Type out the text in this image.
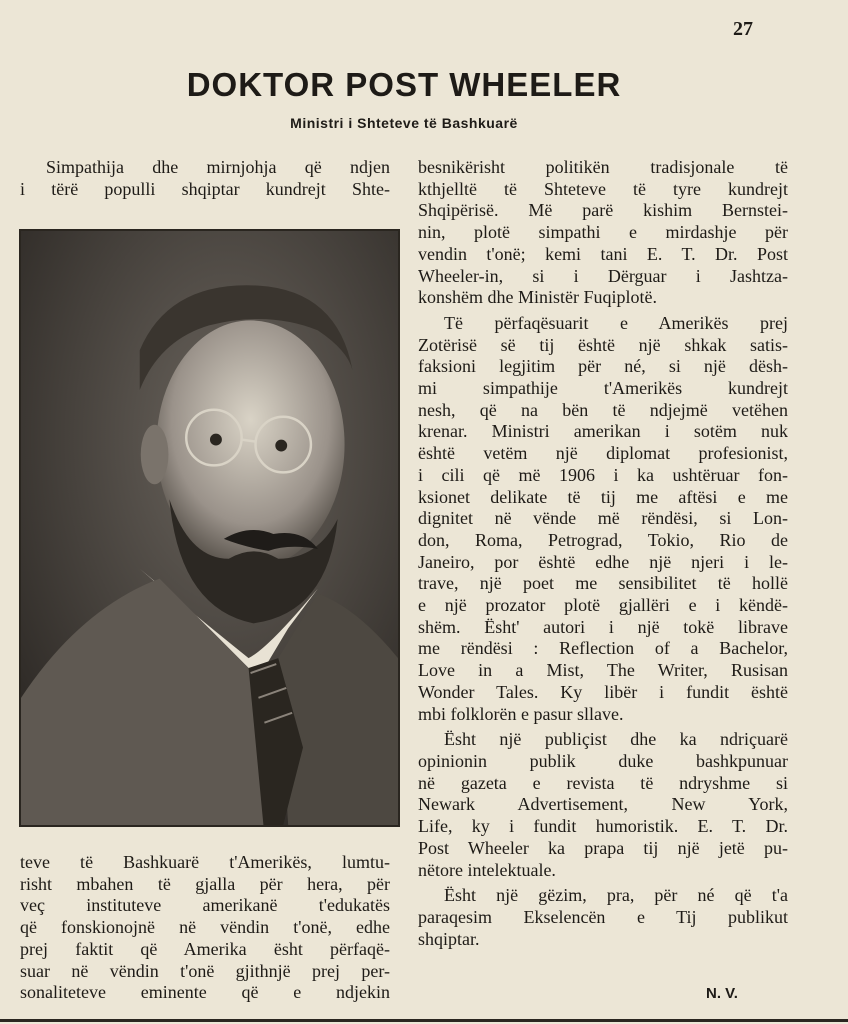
27
DOKTOR POST WHEELER
Ministri i Shteteve të Bashkuarë

Simpathija dhe mirnjohja që ndjen
i tërë populli shqiptar kundrejt Shte-

teve të Bashkuarë t'Amerikës, lumtu-
risht mbahen të gjalla për hera, për
veç instituteve amerikanë t'edukatës
që fonskionojnë në vëndin t'onë, edhe
prej faktit që Amerika ësht përfaqë-
suar në vëndin t'onë gjithnjë prej per-
sonaliteteve eminente që e ndjekin

besnikërisht politikën tradisjonale të
kthjelltë të Shteteve të tyre kundrejt
Shqipërisë. Më parë kishim Bernstei-
nin, plotë simpathi e mirdashje për
vendin t'onë; kemi tani E. T. Dr. Post
Wheeler-in, si i Dërguar i Jashtza-
konshëm dhe Ministër Fuqiplotë.

Të përfaqësuarit e Amerikës prej
Zotërisë së tij është një shkak satis-
faksioni legjitim për né, si një dësh-
mi simpathije t'Amerikës kundrejt
nesh, që na bën të ndjejmë vetëhen
krenar. Ministri amerikan i sotëm nuk
është vetëm një diplomat profesionist,
i cili që më 1906 i ka ushtëruar fon-
ksionet delikate të tij me aftësi e me
dignitet në vënde më rëndësi, si Lon-
don, Roma, Petrograd, Tokio, Rio de
Janeiro, por është edhe një njeri i le-
trave, një poet me sensibilitet të hollë
e një prozator plotë gjallëri e i këndë-
shëm. Ësht' autori i një tokë librave
me rëndësi : Reflection of a Bachelor,
Love in a Mist, The Writer, Rusisan
Wonder Tales. Ky libër i fundit është
mbi folklorën e pasur sllave.

Ësht një publiçist dhe ka ndriçuarë
opinionin publik duke bashkpunuar
në gazeta e revista të ndryshme si
Newark Advertisement, New York,
Life, ky i fundit humoristik. E. T. Dr.
Post Wheeler ka prapa tij një jetë pu-
nëtore intelektuale.

Ësht një gëzim, pra, për né që t'a
paraqesim Ekselencën e Tij publikut
shqiptar.

N. V.
